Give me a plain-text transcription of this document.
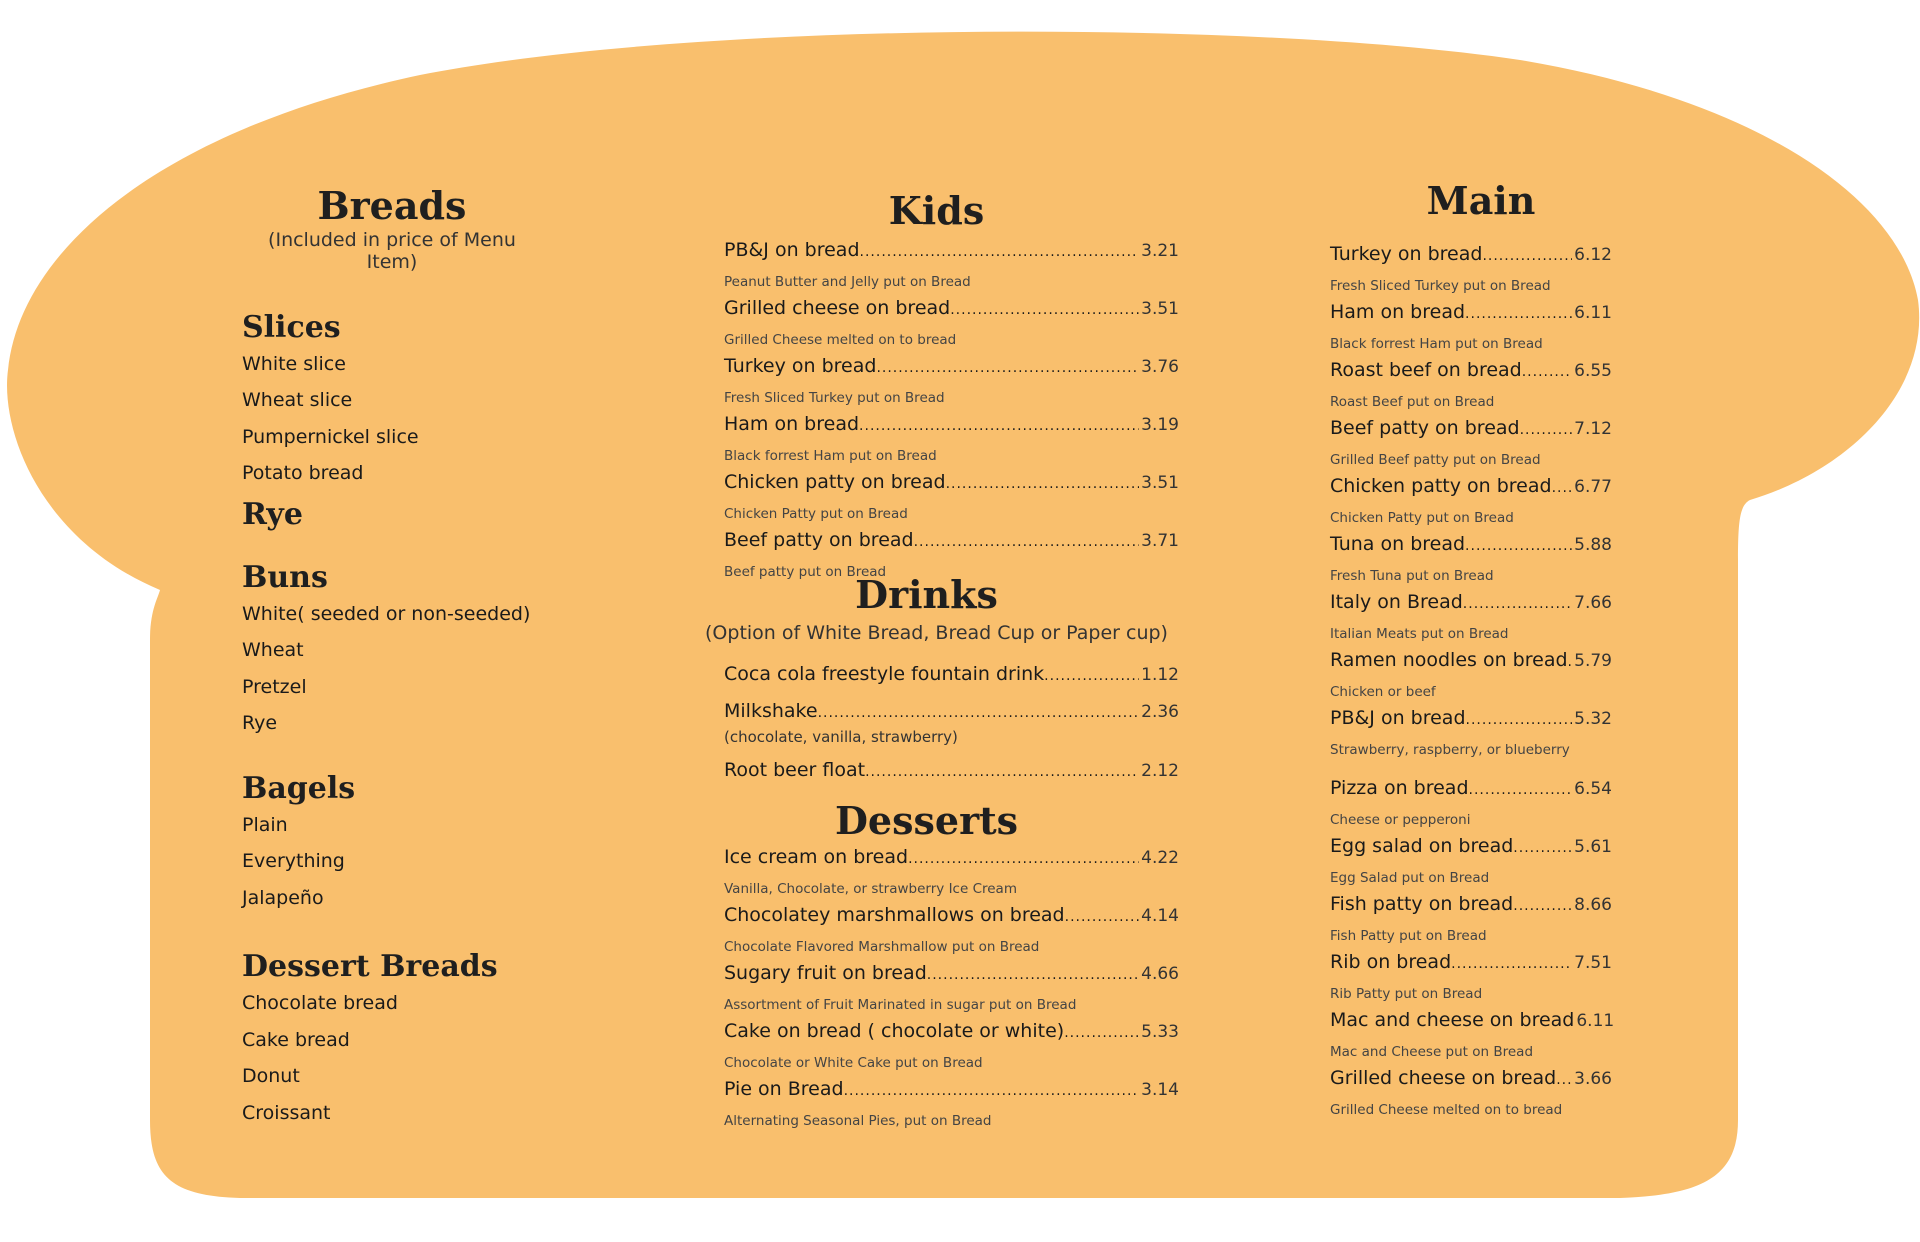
Breads
(Included in price of Menu Item)
Slices
White slice
Wheat slice
Pumpernickel slice
Potato bread
Rye
Buns
White( seeded or non-seeded)
Wheat
Pretzel
Rye
Bagels
Plain
Everything
Jalapeño
Dessert Breads
Chocolate bread
Cake bread
Donut
Croissant
Kids
PB&J on bread .....	3.21
Peanut Butter and Jelly put on Bread
Grilled cheese on bread .....	3.51
Grilled Cheese melted on to bread
Turkey on bread .....	3.76
Fresh Sliced Turkey put on Bread
Ham on bread .....	3.19
Black forrest Ham put on Bread
Chicken patty on bread .....	3.51
Chicken Patty put on Bread
Beef patty on bread .....	3.71
Beef patty put on Bread
Drinks
(Option of White Bread, Bread Cup or Paper cup)
Coca cola freestyle fountain drink .....	1.12
Milkshake .....	2.36
(chocolate, vanilla, strawberry)
Root beer float .....	2.12
Desserts
Ice cream on bread .....	4.22
Vanilla, Chocolate, or strawberry Ice Cream
Chocolatey marshmallows on bread .....	4.14
Chocolate Flavored Marshmallow put on Bread
Sugary fruit on bread .....	4.66
Assortment of Fruit Marinated in sugar put on Bread
Cake on bread ( chocolate or white) .....	5.33
Chocolate or White Cake put on Bread
Pie on Bread .....	3.14
Alternating Seasonal Pies, put on Bread
Main
Turkey on bread .....	6.12
Fresh Sliced Turkey put on Bread
Ham on bread .....	6.11
Black forrest Ham put on Bread
Roast beef on bread .....	6.55
Roast Beef put on Bread
Beef patty on bread .....	7.12
Grilled Beef patty put on Bread
Chicken patty on bread ..... 6.77
Chicken Patty put on Bread
Tuna on bread .....	5.88
Fresh Tuna put on Bread
Italy on Bread .....	7.66
Italian Meats put on Bread
Ramen noodles on bread ..... 5.79
Chicken or beef
PB&J on bread .....	5.32
Strawberry, raspberry, or blueberry
Pizza on bread .....	6.54
Cheese or pepperoni
Egg salad on bread .....	5.61
Egg Salad put on Bread
Fish patty on bread .....	8.66
Fish Patty put on Bread
Rib on bread .....	7.51
Rib Patty put on Bread
Mac and cheese on bread 6.11
Mac and Cheese put on Bread
Grilled cheese on bread ..... 3.66
Grilled Cheese melted on to bread
